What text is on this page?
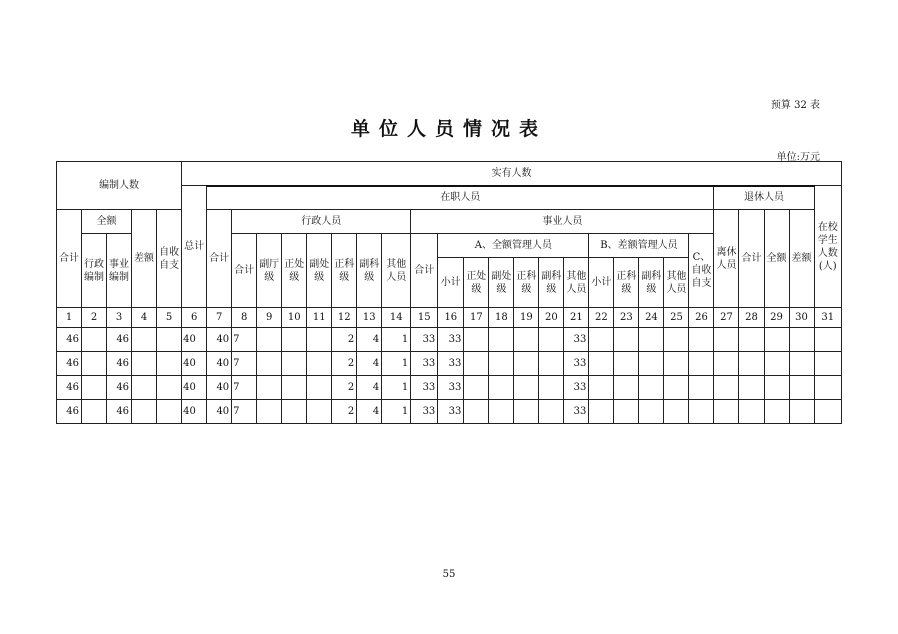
预算 32 表
单位人员情况表
单位:万元
编制人数					实有人数																									
					总计	在职人员																				退休人员				在校学生人数(人)
合计	全额		差额	自收自支		合计	行政人员							事业人员												离休人员	合计	全额	差额	
	行政编制	事业编制					合计	副厅级	正处级	副处级	正科级	副科级	其他人员	合计	A、全额管理人员						B、差额管理人员				C、自收自支					
															小计	正处级	副处级	正科级	副科级	其他人员	小计	正科级	副科级	其他人员						
1	2	3	4	5	6	7	8	9	10	11	12	13	14	15	16	17	18	19	20	21	22	23	24	25	26	27	28	29	30	31
46		46			40	40	7				2	4	1	33	33					33										
46		46			40	40	7				2	4	1	33	33					33										
46		46			40	40	7				2	4	1	33	33					33										
46		46			40	40	7				2	4	1	33	33					33										
55
